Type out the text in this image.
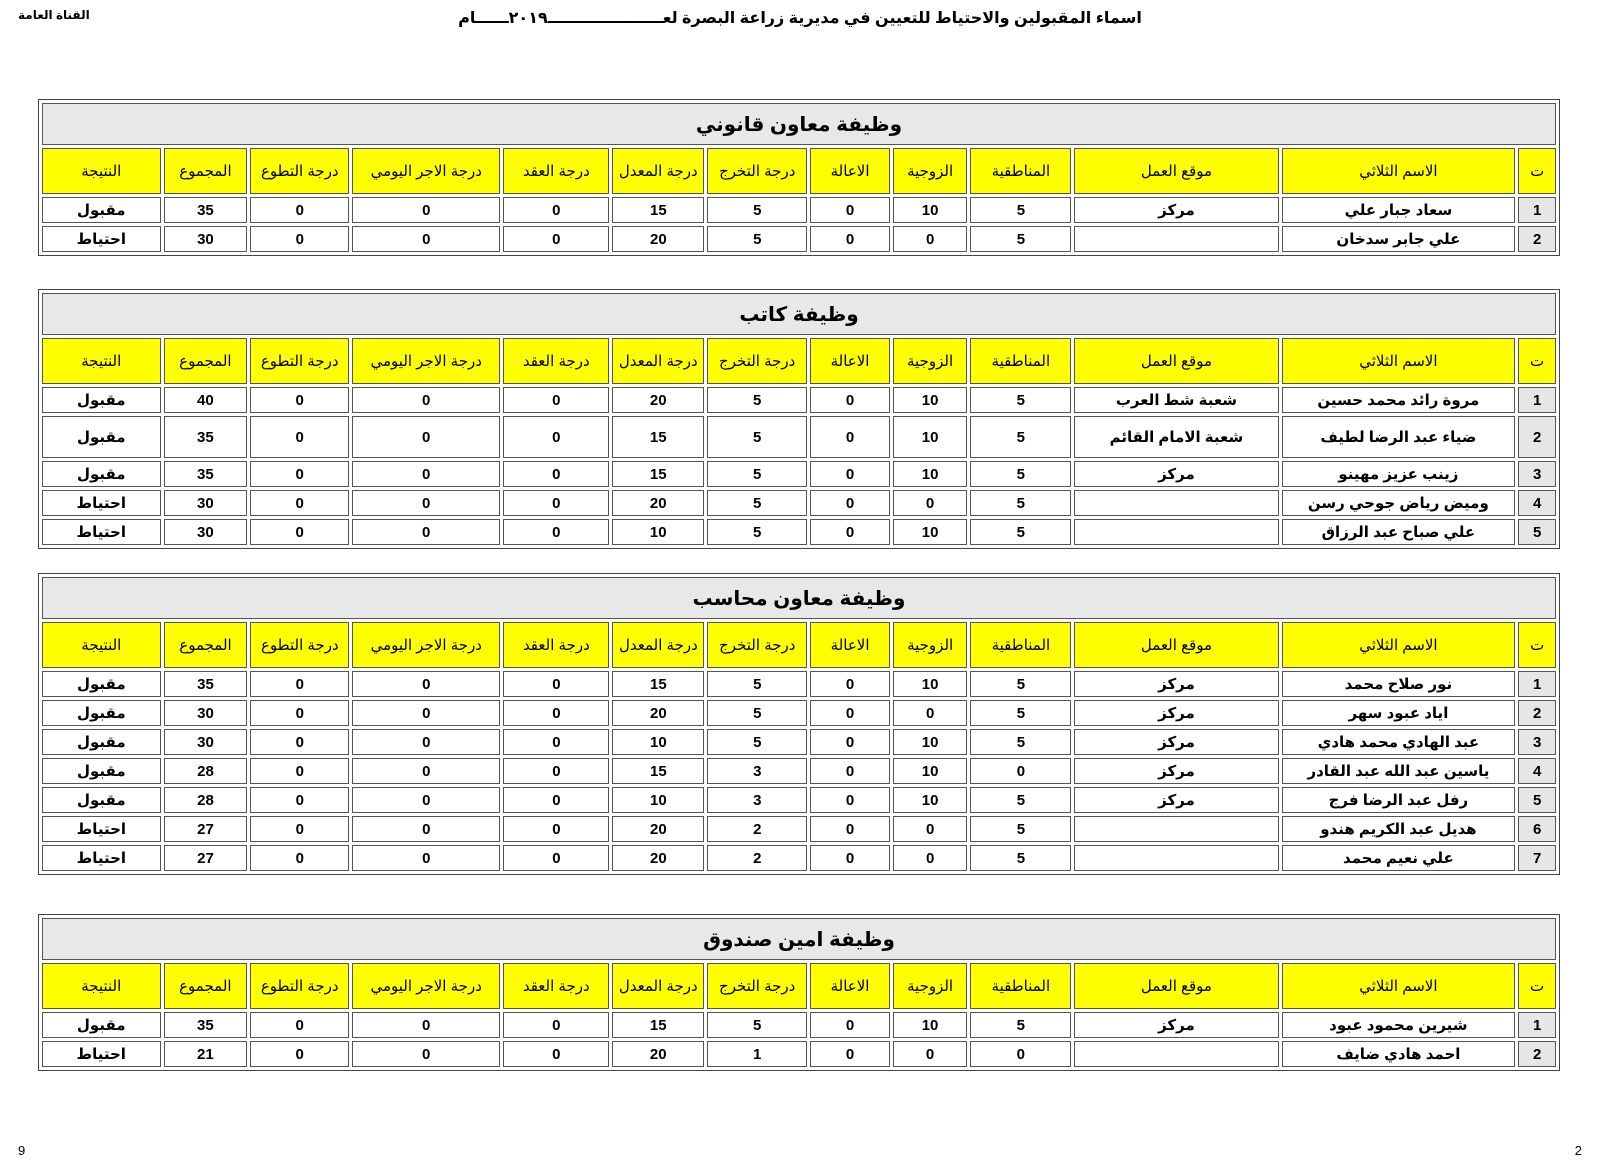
اسماء المقبولين والاحتياط للتعيين في مديرية زراعة البصرة لعـــــــــــــــــــــ٢٠١٩ــــــام
القناة العامة
وظيفة معاون قانوني												
ت	الاسم الثلاثي	موقع العمل	المناطقية	الزوجية	الاعالة	درجة التخرج	درجة المعدل	درجة العقد	درجة الاجر اليومي	درجة التطوع	المجموع	النتيجة
1	سعاد جبار علي	مركز	5	10	0	5	15	0	0	0	35	مقبول
2	علي جابر سدخان		5	0	0	5	20	0	0	0	30	احتياط
وظيفة كاتب												
ت	الاسم الثلاثي	موقع العمل	المناطقية	الزوجية	الاعالة	درجة التخرج	درجة المعدل	درجة العقد	درجة الاجر اليومي	درجة التطوع	المجموع	النتيجة
1	مروة رائد محمد حسين	شعبة شط العرب	5	10	0	5	20	0	0	0	40	مقبول
2	ضياء عبد الرضا لطيف	شعبة الامام القائم	5	10	0	5	15	0	0	0	35	مقبول
3	زينب عزيز مهينو	مركز	5	10	0	5	15	0	0	0	35	مقبول
4	وميض رياض جوحي رسن		5	0	0	5	20	0	0	0	30	احتياط
5	علي صباح عبد الرزاق		5	10	0	5	10	0	0	0	30	احتياط
وظيفة معاون محاسب												
ت	الاسم الثلاثي	موقع العمل	المناطقية	الزوجية	الاعالة	درجة التخرج	درجة المعدل	درجة العقد	درجة الاجر اليومي	درجة التطوع	المجموع	النتيجة
1	نور صلاح محمد	مركز	5	10	0	5	15	0	0	0	35	مقبول
2	اياد عبود سهر	مركز	5	0	0	5	20	0	0	0	30	مقبول
3	عبد الهادي محمد هادي	مركز	5	10	0	5	10	0	0	0	30	مقبول
4	ياسين عبد الله عبد القادر	مركز	0	10	0	3	15	0	0	0	28	مقبول
5	رفل عبد الرضا فرج	مركز	5	10	0	3	10	0	0	0	28	مقبول
6	هديل عبد الكريم هندو		5	0	0	2	20	0	0	0	27	احتياط
7	علي نعيم محمد		5	0	0	2	20	0	0	0	27	احتياط
وظيفة امين صندوق												
ت	الاسم الثلاثي	موقع العمل	المناطقية	الزوجية	الاعالة	درجة التخرج	درجة المعدل	درجة العقد	درجة الاجر اليومي	درجة التطوع	المجموع	النتيجة
1	شيرين محمود عبود	مركز	5	10	0	5	15	0	0	0	35	مقبول
2	احمد هادي ضايف		0	0	0	1	20	0	0	0	21	احتياط
9	2
